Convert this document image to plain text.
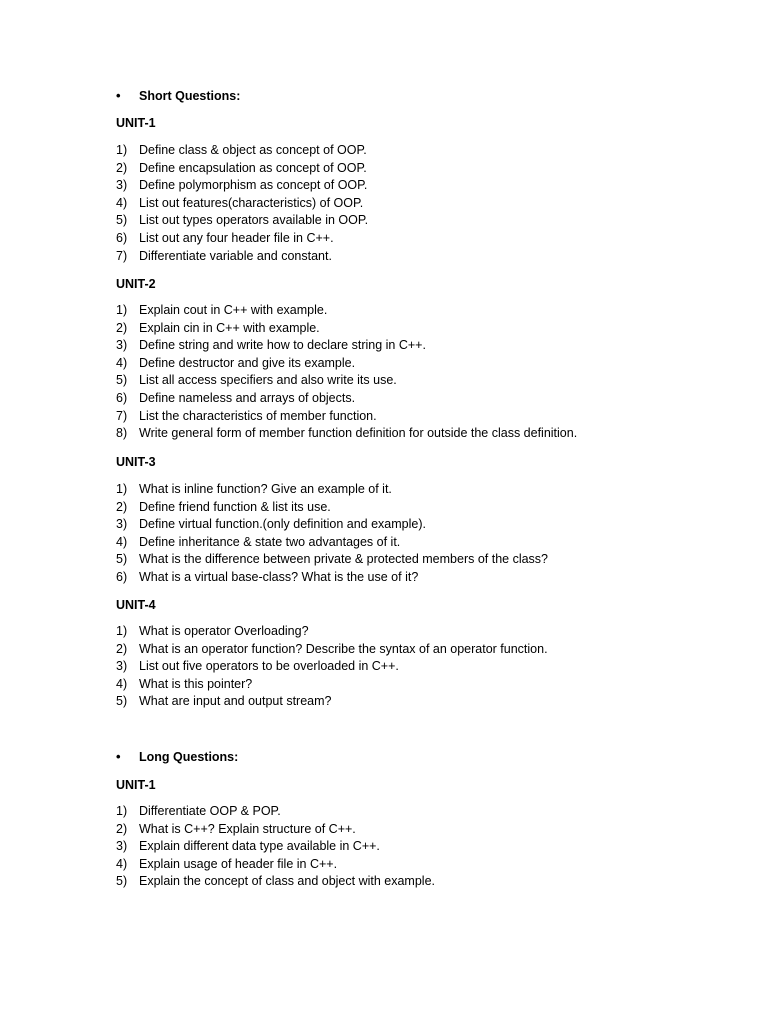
• Short Questions:
UNIT-1
1) Define class & object as concept of OOP.
2) Define encapsulation as concept of OOP.
3) Define polymorphism as concept of OOP.
4) List out features(characteristics) of OOP.
5) List out types operators available in OOP.
6) List out any four header file in C++.
7) Differentiate variable and constant.
UNIT-2
1) Explain cout in C++ with example.
2) Explain cin in C++ with example.
3) Define string and write how to declare string in C++.
4) Define destructor and give its example.
5) List all access specifiers and also write its use.
6) Define nameless and arrays of objects.
7) List the characteristics of member function.
8) Write general form of member function definition for outside the class definition.
UNIT-3
1) What is inline function? Give an example of it.
2) Define friend function & list its use.
3) Define virtual function.(only definition and example).
4) Define inheritance & state two advantages of it.
5) What is the difference between private & protected members of the class?
6) What is a virtual base-class? What is the use of it?
UNIT-4
1) What is operator Overloading?
2) What is an operator function? Describe the syntax of an operator function.
3) List out five operators to be overloaded in C++.
4) What is this pointer?
5) What are input and output stream?
• Long Questions:
UNIT-1
1) Differentiate OOP & POP.
2) What is C++? Explain structure of C++.
3) Explain different data type available in C++.
4) Explain usage of header file in C++.
5) Explain the concept of class and object with example.
